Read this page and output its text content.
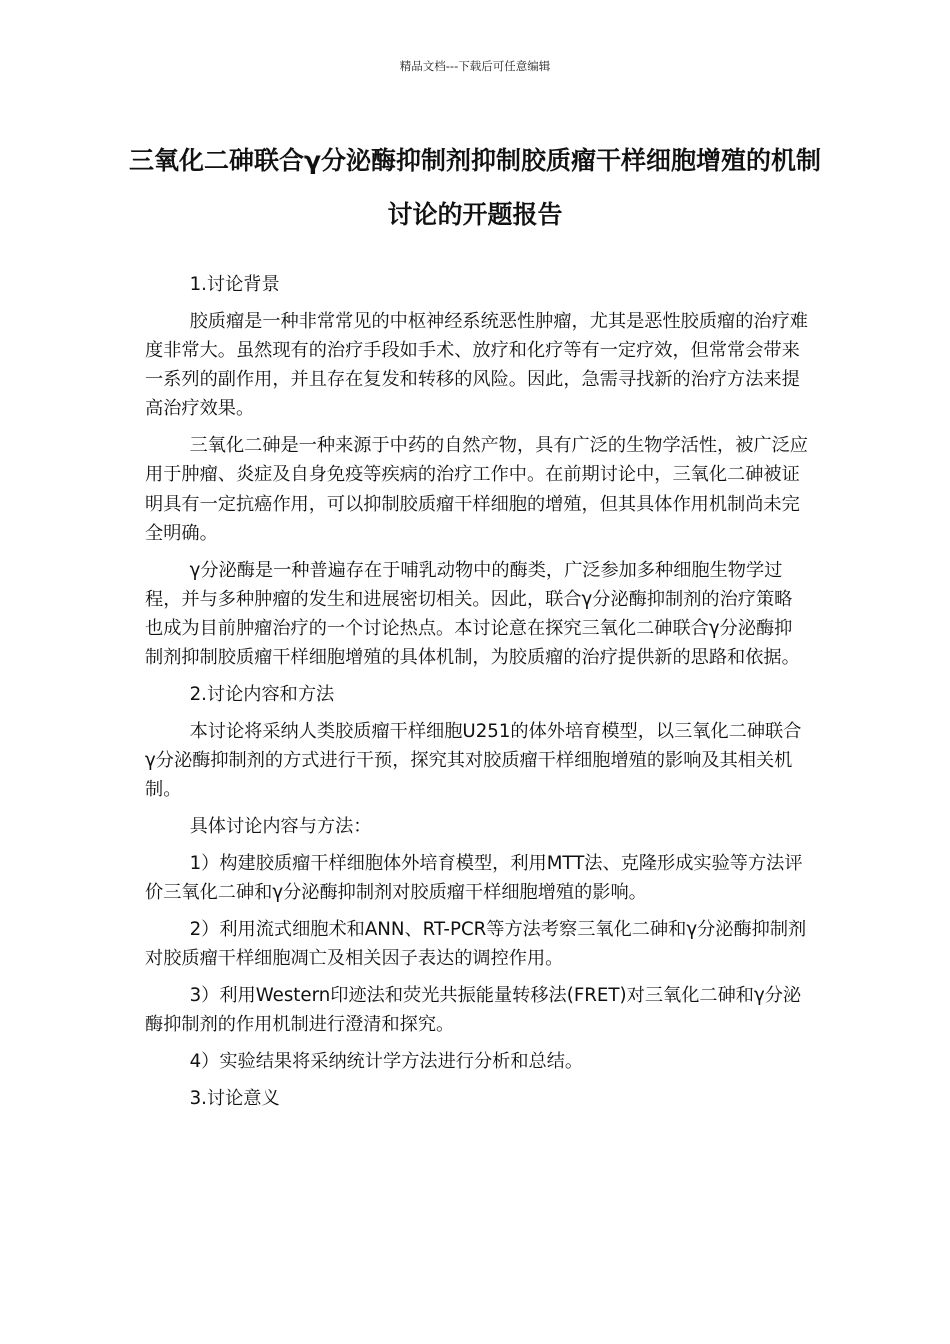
精品文档---下载后可任意编辑
三氧化二砷联合γ分泌酶抑制剂抑制胶质瘤干样细胞增殖的机制讨论的开题报告

1.讨论背景

胶质瘤是一种非常常见的中枢神经系统恶性肿瘤，尤其是恶性胶质瘤的治疗难度非常大。虽然现有的治疗手段如手术、放疗和化疗等有一定疗效，但常常会带来一系列的副作用，并且存在复发和转移的风险。因此，急需寻找新的治疗方法来提高治疗效果。

三氧化二砷是一种来源于中药的自然产物，具有广泛的生物学活性，被广泛应用于肿瘤、炎症及自身免疫等疾病的治疗工作中。在前期讨论中，三氧化二砷被证明具有一定抗癌作用，可以抑制胶质瘤干样细胞的增殖，但其具体作用机制尚未完全明确。

γ分泌酶是一种普遍存在于哺乳动物中的酶类，广泛参加多种细胞生物学过程，并与多种肿瘤的发生和进展密切相关。因此，联合γ分泌酶抑制剂的治疗策略也成为目前肿瘤治疗的一个讨论热点。本讨论意在探究三氧化二砷联合γ分泌酶抑制剂抑制胶质瘤干样细胞增殖的具体机制，为胶质瘤的治疗提供新的思路和依据。

2.讨论内容和方法

本讨论将采纳人类胶质瘤干样细胞U251的体外培育模型，以三氧化二砷联合γ分泌酶抑制剂的方式进行干预，探究其对胶质瘤干样细胞增殖的影响及其相关机制。

具体讨论内容与方法：

1）构建胶质瘤干样细胞体外培育模型，利用MTT法、克隆形成实验等方法评价三氧化二砷和γ分泌酶抑制剂对胶质瘤干样细胞增殖的影响。

2）利用流式细胞术和ANN、RT-PCR等方法考察三氧化二砷和γ分泌酶抑制剂对胶质瘤干样细胞凋亡及相关因子表达的调控作用。

3）利用Western印迹法和荧光共振能量转移法(FRET)对三氧化二砷和γ分泌酶抑制剂的作用机制进行澄清和探究。

4）实验结果将采纳统计学方法进行分析和总结。

3.讨论意义
